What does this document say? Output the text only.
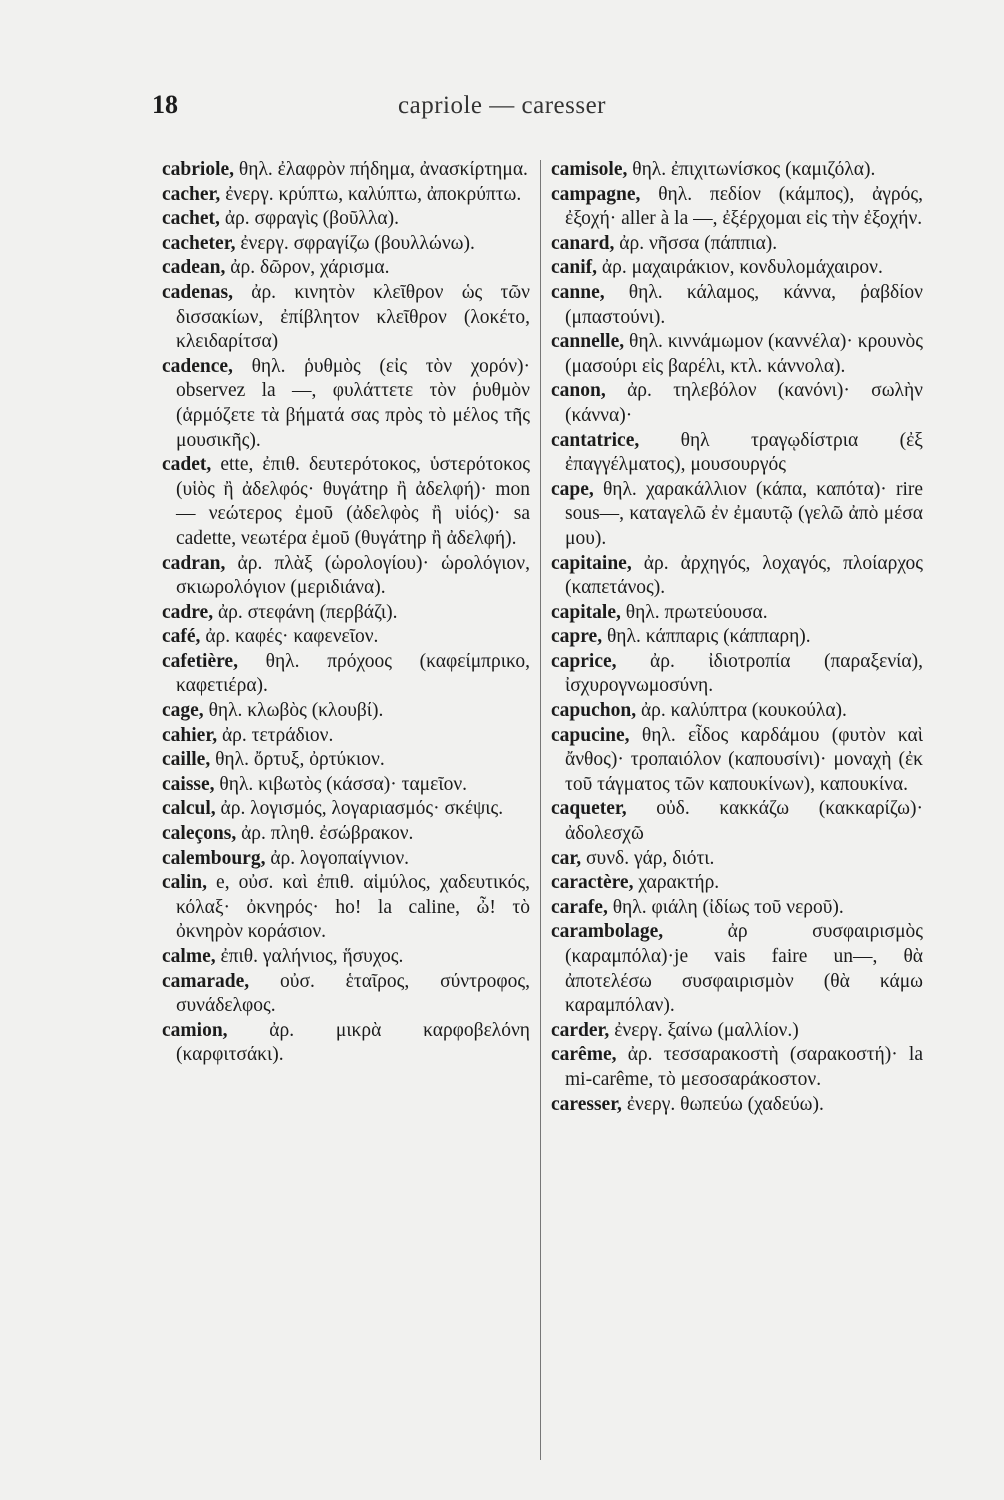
18	capriole — caresser

cabriole, θηλ. ἐλαφρὸν πήδημα, ἀνασκίρτημα.

cacher, ἐνεργ. κρύπτω, καλύπτω, ἀποκρύπτω.

cachet, ἀρ. σφραγὶς (βοῦλλα).

cacheter, ἐνεργ. σφραγίζω (βουλλώνω).

cadean, ἀρ. δῶρον, χάρισμα.

cadenas, ἀρ. κινητὸν κλεῖθρον ὡς τῶν δισσακίων, ἐπίβλητον κλεῖθρον (λοκέτο, κλειδαρίτσα)

cadence, θηλ. ῥυθμὸς (εἰς τὸν χορόν)· observez la —, φυλάττετε τὸν ῥυθμὸν (ἁρμόζετε τὰ βήματά σας πρὸς τὸ μέλος τῆς μουσικῆς).

cadet, ette, ἐπιθ. δευτερότοκος, ὑστερότοκος (υἱὸς ἢ ἀδελφός· θυγάτηρ ἢ ἀδελφή)· mon — νεώτερος ἐμοῦ (ἀδελφὸς ἢ υἱός)· sa cadette, νεωτέρα ἐμοῦ (θυγάτηρ ἢ ἀδελφή).

cadran, ἀρ. πλὰξ (ὡρολογίου)· ὡρολόγιον, σκιωρολόγιον (μεριδιάνα).

cadre, ἀρ. στεφάνη (περβάζι).

café, ἀρ. καφές· καφενεῖον.

cafetière, θηλ. πρόχοος (καφείμπρικο, καφετιέρα).

cage, θηλ. κλωβὸς (κλουβί).

cahier, ἀρ. τετράδιον.

caille, θηλ. ὄρτυξ, ὀρτύκιον.

caisse, θηλ. κιβωτὸς (κάσσα)· ταμεῖον.

calcul, ἀρ. λογισμός, λογαριασμός· σκέψις.

caleçons, ἀρ. πληθ. ἐσώβρακον.

calembourg, ἀρ. λογοπαίγνιον.

calin, e, οὐσ. καὶ ἐπιθ. αἱμύλος, χαδευτικός, κόλαξ· ὀκνηρός· ho! la caline, ὦ! τὸ ὀκνηρὸν κοράσιον.

calme, ἐπιθ. γαλήνιος, ἥσυχος.

camarade, οὐσ. ἑταῖρος, σύντροφος, συνάδελφος.

camion, ἀρ. μικρὰ καρφοβελόνη (καρφιτσάκι).

camisole, θηλ. ἐπιχιτωνίσκος (καμιζόλα).

campagne, θηλ. πεδίον (κάμπος), ἀγρός, ἐξοχή· aller à la —, ἐξέρχομαι εἰς τὴν ἐξοχήν.

canard, ἀρ. νῆσσα (πάππια).

canif, ἀρ. μαχαιράκιον, κονδυλομάχαιρον.

canne, θηλ. κάλαμος, κάννα, ῥαβδίον (μπαστούνι).

cannelle, θηλ. κιννάμωμον (καννέλα)· κρουνὸς (μασούρι εἰς βαρέλι, κτλ. κάννολα).

canon, ἀρ. τηλεβόλον (κανόνι)· σωλὴν (κάννα)·

cantatrice, θηλ τραγῳδίστρια (ἐξ ἐπαγγέλματος), μουσουργός

cape, θηλ. χαρακάλλιον (κάπα, καπότα)· rire sous—, καταγελῶ ἐν ἐμαυτῷ (γελῶ ἀπὸ μέσα μου).

capitaine, ἀρ. ἀρχηγός, λοχαγός, πλοίαρχος (καπετάνος).

capitale, θηλ. πρωτεύουσα.

capre, θηλ. κάππαρις (κάππαρη).

caprice, ἀρ. ἰδιοτροπία (παραξενία), ἰσχυρογνωμοσύνη.

capuchon, ἀρ. καλύπτρα (κουκούλα).

capucine, θηλ. εἶδος καρδάμου (φυτὸν καὶ ἄνθος)· τροπαιόλον (καπουσίνι)· μοναχὴ (ἐκ τοῦ τάγματος τῶν καπουκίνων), καπουκίνα.

caqueter, οὐδ. κακκάζω (κακκαρίζω)· ἀδολεσχῶ

car, συνδ. γάρ, διότι.

caractère, χαρακτήρ.

carafe, θηλ. φιάλη (ἰδίως τοῦ νεροῦ).

carambolage,	ἀρ συσφαιρισμὸς (καραμπόλα)·je vais faire un—, θὰ ἀποτελέσω συσφαιρισμὸν (θὰ κάμω καραμπόλαν).

carder, ἐνεργ. ξαίνω (μαλλίον.)

carême, ἀρ. τεσσαρακοστὴ (σαρακοστή)· la mi-carême, τὸ μεσοσαράκοστον.

caresser, ἐνεργ. θωπεύω (χαδεύω).
